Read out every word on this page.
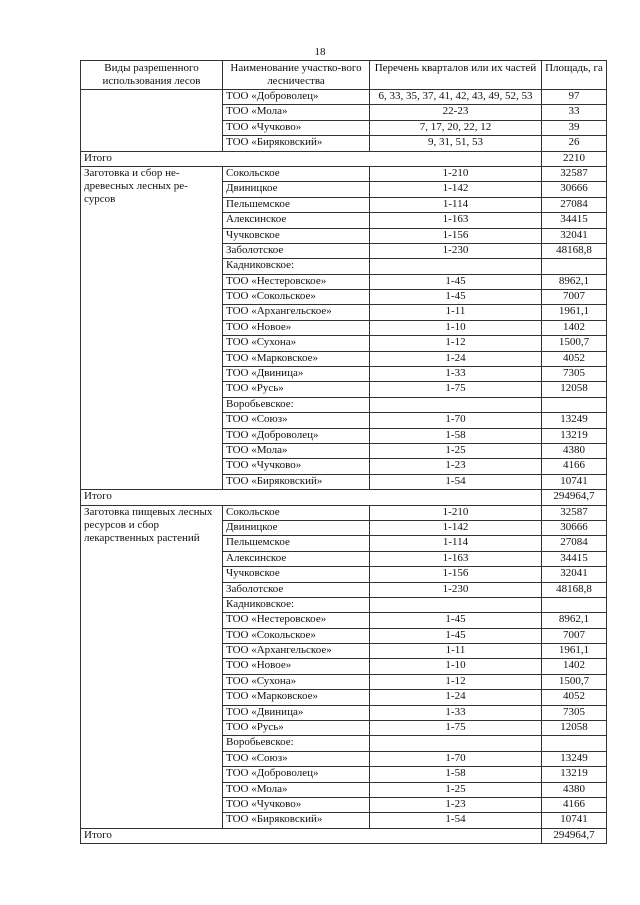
18
Виды разрешенного использования лесов	Наименование участко-вого лесничества	Перечень кварталов или их частей	Площадь, га
	ТОО «Доброволец»	6, 33, 35, 37, 41, 42, 43, 49, 52, 53	97
	ТОО «Мола»	22-23	33
	ТОО «Чучково»	7, 17, 20, 22, 12	39
	ТОО «Биряковский»	9, 31, 51, 53	26
Итого			2210
Заготовка и сбор не-древесных лесных ре-сурсов	Сокольское	1-210	32587
	Двиницкое	1-142	30666
	Пельшемское	1-114	27084
	Алексинское	1-163	34415
	Чучковское	1-156	32041
	Заболотское	1-230	48168,8
	Кадниковское:		
	ТОО «Нестеровское»	1-45	8962,1
	ТОО «Сокольское»	1-45	7007
	ТОО «Архангельское»	1-11	1961,1
	ТОО «Новое»	1-10	1402
	ТОО «Сухона»	1-12	1500,7
	ТОО «Марковское»	1-24	4052
	ТОО «Двиница»	1-33	7305
	ТОО «Русь»	1-75	12058
	Воробьевское:		
	ТОО «Союз»	1-70	13249
	ТОО «Доброволец»	1-58	13219
	ТОО «Мола»	1-25	4380
	ТОО «Чучково»	1-23	4166
	ТОО «Биряковский»	1-54	10741
Итого			294964,7
Заготовка пищевых лесных ресурсов и сбор лекарственных растений	Сокольское	1-210	32587
	Двиницкое	1-142	30666
	Пельшемское	1-114	27084
	Алексинское	1-163	34415
	Чучковское	1-156	32041
	Заболотское	1-230	48168,8
	Кадниковское:		
	ТОО «Нестеровское»	1-45	8962,1
	ТОО «Сокольское»	1-45	7007
	ТОО «Архангельское»	1-11	1961,1
	ТОО «Новое»	1-10	1402
	ТОО «Сухона»	1-12	1500,7
	ТОО «Марковское»	1-24	4052
	ТОО «Двиница»	1-33	7305
	ТОО «Русь»	1-75	12058
	Воробьевское:		
	ТОО «Союз»	1-70	13249
	ТОО «Доброволец»	1-58	13219
	ТОО «Мола»	1-25	4380
	ТОО «Чучково»	1-23	4166
	ТОО «Биряковский»	1-54	10741
Итого			294964,7
